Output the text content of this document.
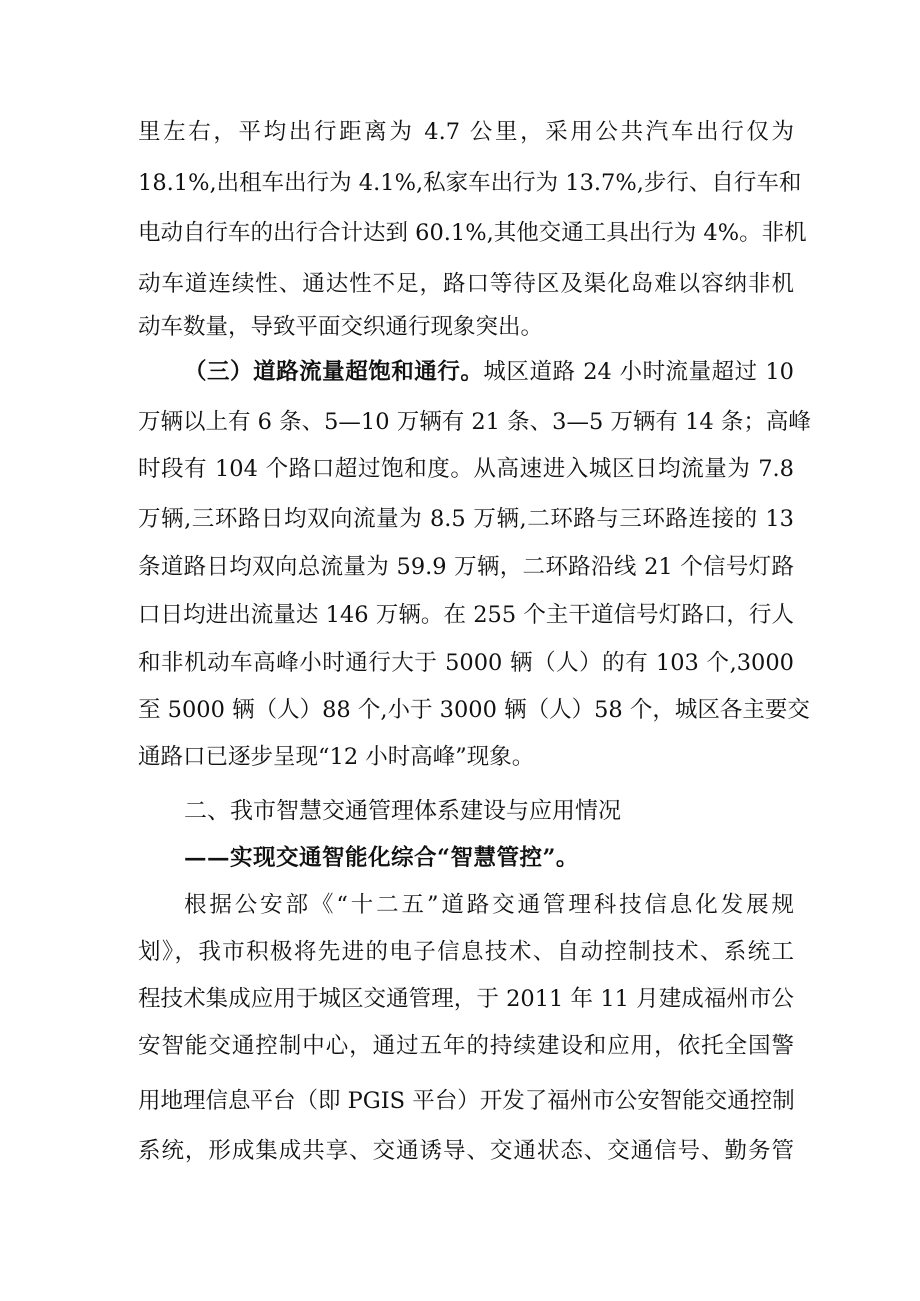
里左右，平均出行距离为 4.7 公里，采用公共汽车出行仅为
18.1%,出租车出行为 4.1%,私家车出行为 13.7%,步行、自行车和
电动自行车的出行合计达到 60.1%,其他交通工具出行为 4%。非机
动车道连续性、通达性不足，路口等待区及渠化岛难以容纳非机
动车数量，导致平面交织通行现象突出。
（三）道路流量超饱和通行。城区道路 24 小时流量超过 10
万辆以上有 6 条、5—10 万辆有 21 条、3—5 万辆有 14 条；高峰
时段有 104 个路口超过饱和度。从高速进入城区日均流量为 7.8
万辆,三环路日均双向流量为 8.5 万辆,二环路与三环路连接的 13
条道路日均双向总流量为 59.9 万辆，二环路沿线 21 个信号灯路
口日均进出流量达 146 万辆。在 255 个主干道信号灯路口，行人
和非机动车高峰小时通行大于 5000 辆（人）的有 103 个,3000
至 5000 辆（人）88 个,小于 3000 辆（人）58 个，城区各主要交
通路口已逐步呈现“12 小时高峰”现象。
二、我市智慧交通管理体系建设与应用情况
——实现交通智能化综合“智慧管控”。
根据公安部《“十二五”道路交通管理科技信息化发展规
划》，我市积极将先进的电子信息技术、自动控制技术、系统工
程技术集成应用于城区交通管理，于 2011 年 11 月建成福州市公
安智能交通控制中心，通过五年的持续建设和应用，依托全国警
用地理信息平台（即 PGIS 平台）开发了福州市公安智能交通控制
系统，形成集成共享、交通诱导、交通状态、交通信号、勤务管
